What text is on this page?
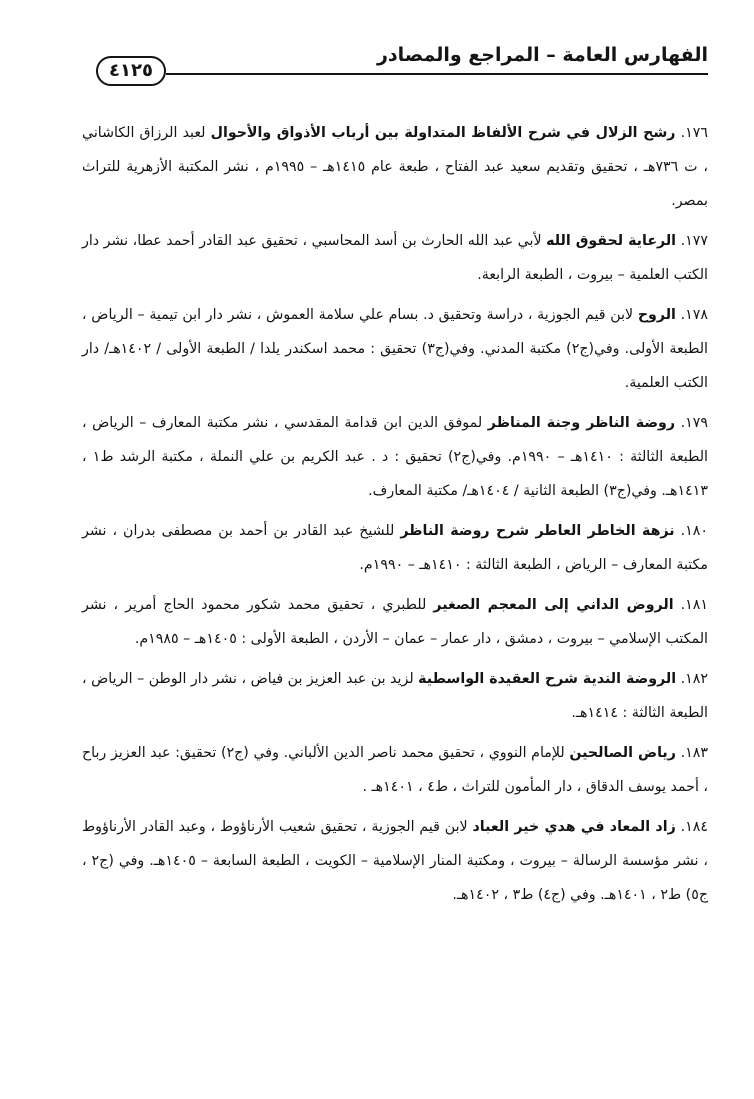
الفهارس العامة – المراجع والمصادر
٤١٢٥

١٧٦. رشح الزلال في شرح الألفاظ المتداولة بين أرباب الأذواق والأحوال لعبد الرزاق الكاشاني ، ت ٧٣٦هـ ، تحقيق وتقديم سعيد عبد الفتاح ، طبعة عام ١٤١٥هـ – ١٩٩٥م ، نشر المكتبة الأزهرية للتراث بمصر.

١٧٧. الرعاية لحقوق الله لأبي عبد الله الحارث بن أسد المحاسبي ، تحقيق عبد القادر أحمد عطا، نشر دار الكتب العلمية – بيروت ، الطبعة الرابعة.

١٧٨. الروح لابن قيم الجوزية ، دراسة وتحقيق د. بسام علي سلامة العموش ، نشر دار ابن تيمية – الرياض ، الطبعة الأولى. وفي(ج٢) مكتبة المدني. وفي(ج٣) تحقيق : محمد اسكندر يلدا / الطبعة الأولى / ١٤٠٢هـ/ دار الكتب العلمية.

١٧٩. روضة الناظر وجنة المناظر لموفق الدين ابن قدامة المقدسي ، نشر مكتبة المعارف – الرياض ، الطبعة الثالثة : ١٤١٠هـ – ١٩٩٠م. وفي(ج٢) تحقيق : د . عبد الكريم بن علي النملة ، مكتبة الرشد ط١ ، ١٤١٣هـ. وفي(ج٣) الطبعة الثانية / ١٤٠٤هـ/ مكتبة المعارف.

١٨٠. نزهة الخاطر العاطر شرح روضة الناظر للشيخ عبد القادر بن أحمد بن مصطفى بدران ، نشر مكتبة المعارف – الرياض ، الطبعة الثالثة : ١٤١٠هـ – ١٩٩٠م.

١٨١. الروض الداني إلى المعجم الصغير للطبري ، تحقيق محمد شكور محمود الحاج أمرير ، نشر المكتب الإسلامي – بيروت ، دمشق ، دار عمار – عمان – الأردن ، الطبعة الأولى : ١٤٠٥هـ – ١٩٨٥م.

١٨٢. الروضة الندية شرح العقيدة الواسطية لزيد بن عبد العزيز بن فياض ، نشر دار الوطن – الرياض ، الطبعة الثالثة : ١٤١٤هـ.

١٨٣. رياض الصالحين للإمام النووي ، تحقيق محمد ناصر الدين الألباني. وفي (ج٢) تحقيق: عبد العزيز رباح ، أحمد يوسف الدقاق ، دار المأمون للتراث ، ط٤ ، ١٤٠١هـ .

١٨٤. زاد المعاد في هدي خير العباد لابن قيم الجوزية ، تحقيق شعيب الأرناؤوط ، وعبد القادر الأرناؤوط ، نشر مؤسسة الرسالة – بيروت ، ومكتبة المنار الإسلامية – الكويت ، الطبعة السابعة – ١٤٠٥هـ. وفي (ج٢ ، ج٥) ط٢ ، ١٤٠١هـ. وفي (ج٤) ط٣ ، ١٤٠٢هـ.
